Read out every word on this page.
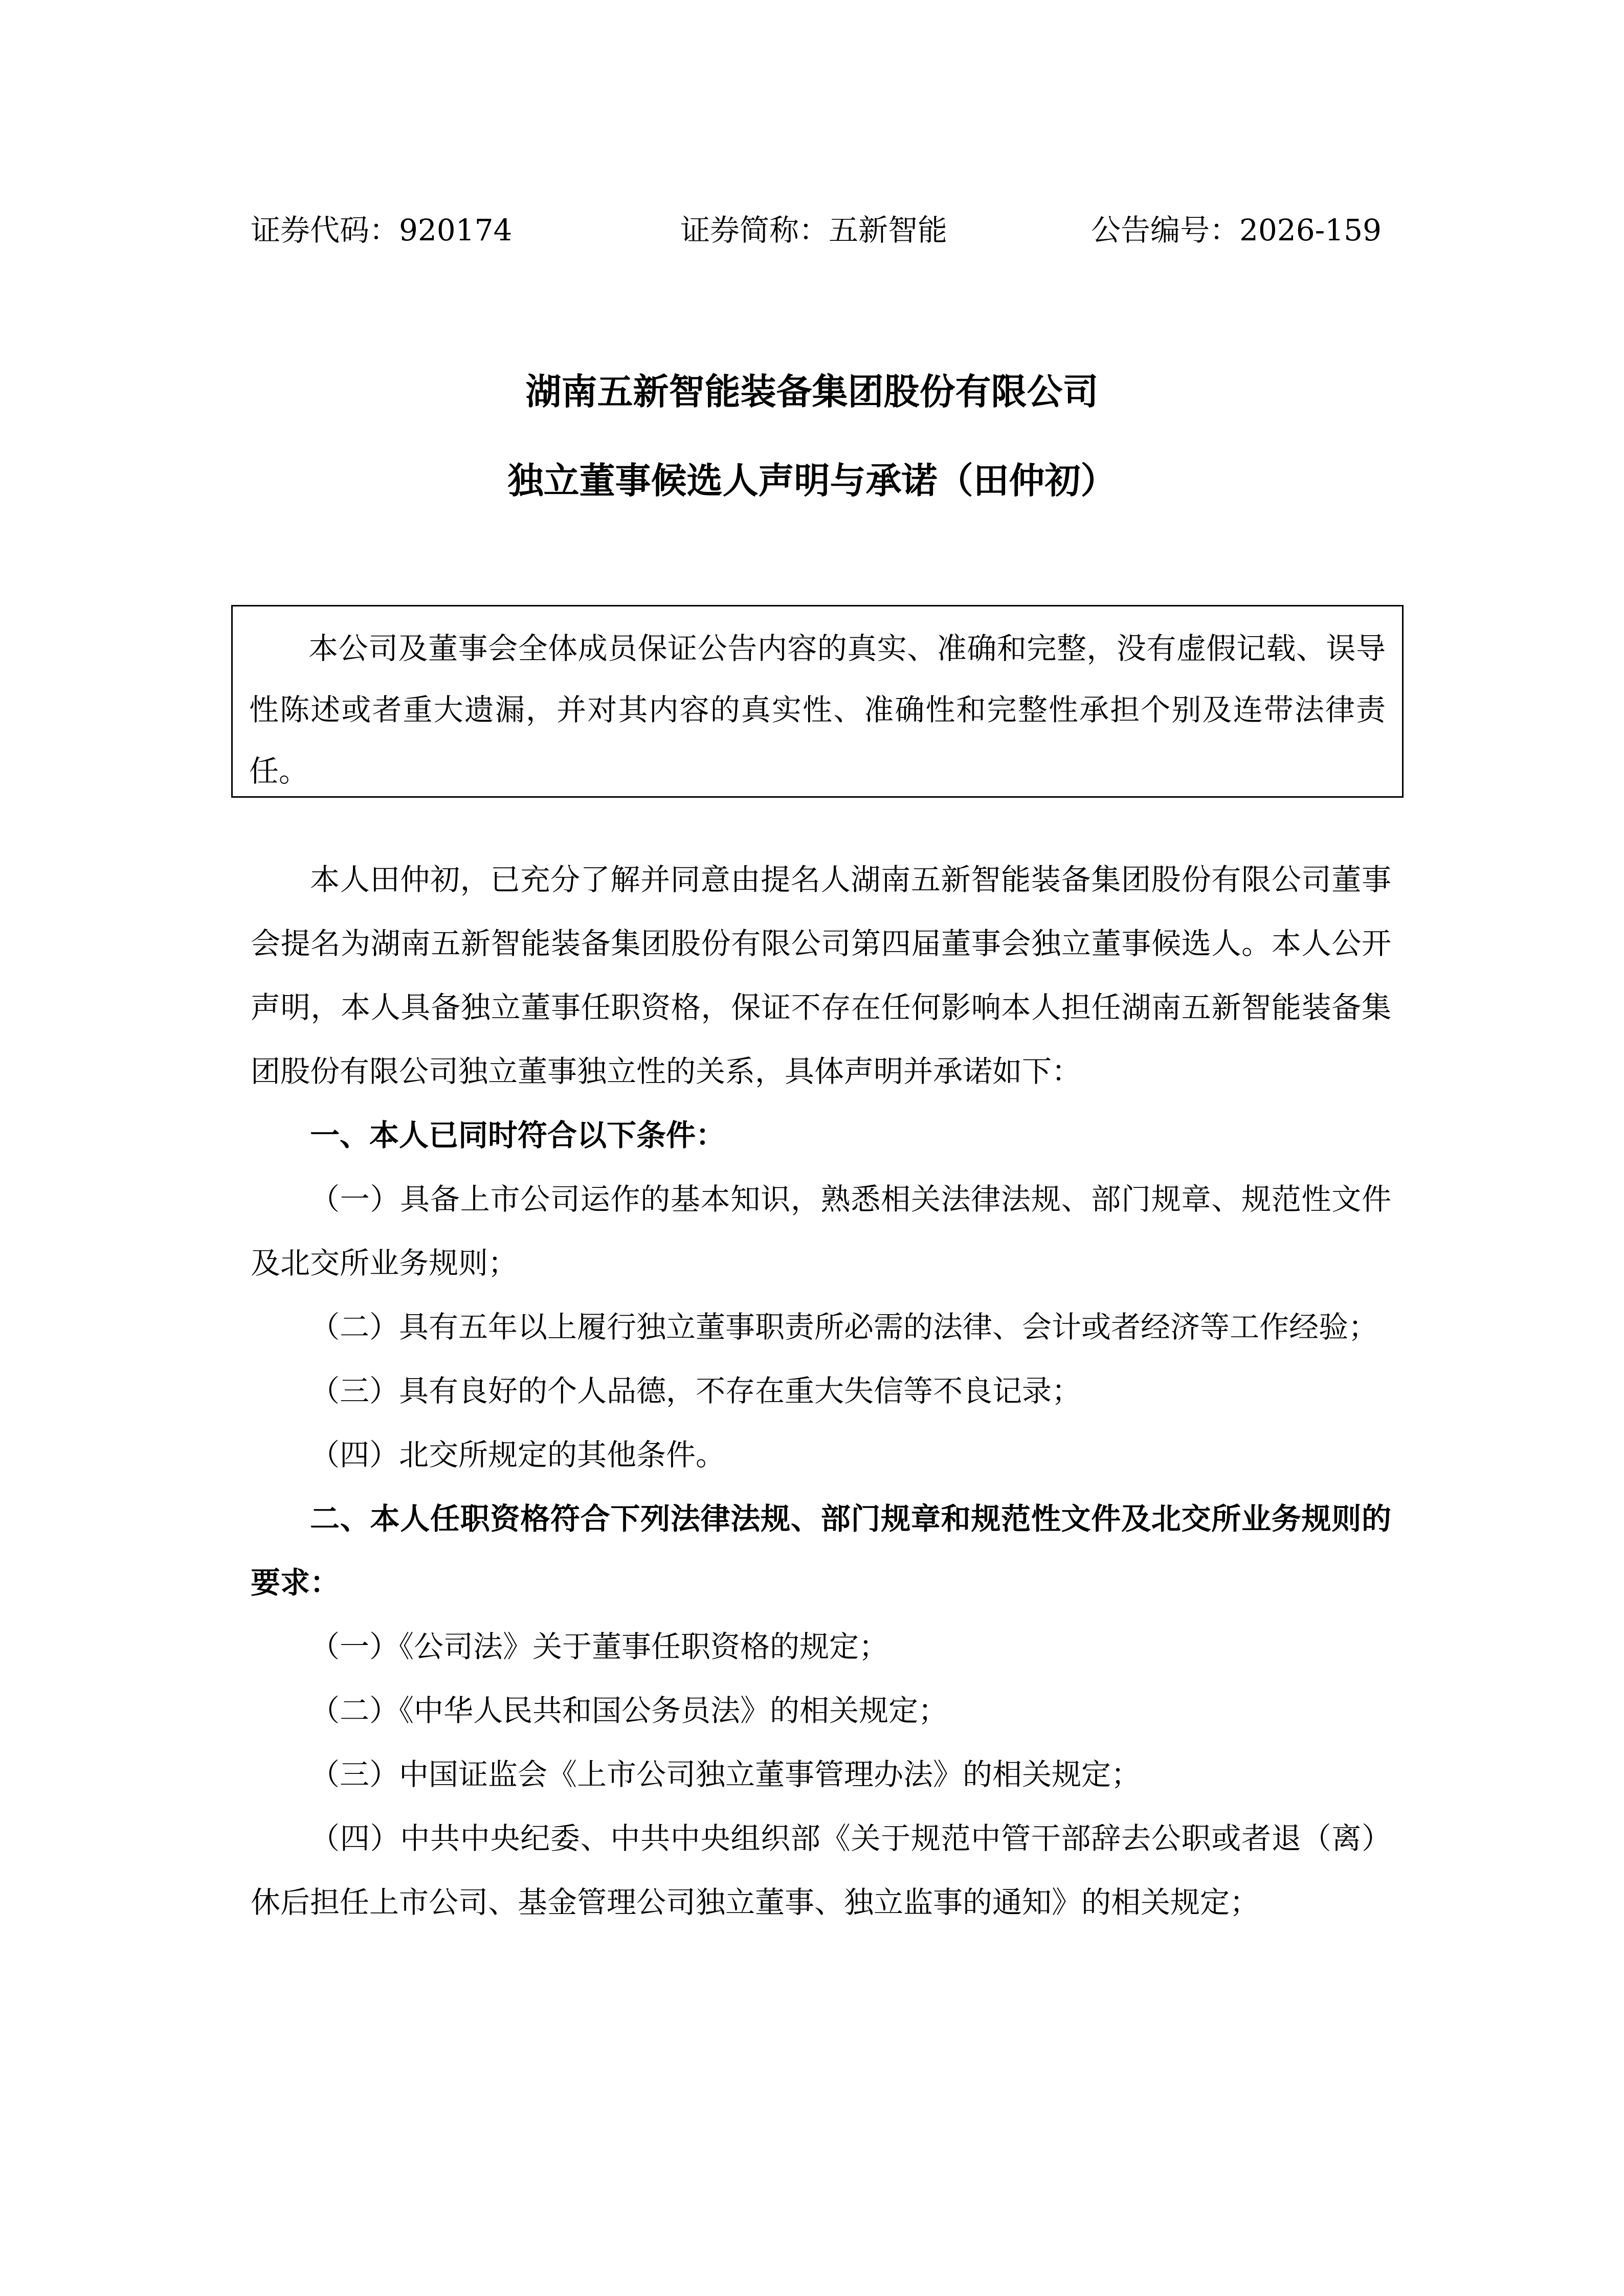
证券代码：920174	证券简称：五新智能	公告编号：2026-159
湖南五新智能装备集团股份有限公司
独立董事候选人声明与承诺（田仲初）

本公司及董事会全体成员保证公告内容的真实、准确和完整，没有虚假记载、误导性陈述或者重大遗漏，并对其内容的真实性、准确性和完整性承担个别及连带法律责任。

本人田仲初，已充分了解并同意由提名人湖南五新智能装备集团股份有限公司董事会提名为湖南五新智能装备集团股份有限公司第四届董事会独立董事候选人。本人公开声明，本人具备独立董事任职资格，保证不存在任何影响本人担任湖南五新智能装备集团股份有限公司独立董事独立性的关系，具体声明并承诺如下：

一、本人已同时符合以下条件：

（一）具备上市公司运作的基本知识，熟悉相关法律法规、部门规章、规范性文件及北交所业务规则；

（二）具有五年以上履行独立董事职责所必需的法律、会计或者经济等工作经验；

（三）具有良好的个人品德，不存在重大失信等不良记录；

（四）北交所规定的其他条件。

二、本人任职资格符合下列法律法规、部门规章和规范性文件及北交所业务规则的要求：

（一）《公司法》关于董事任职资格的规定；

（二）《中华人民共和国公务员法》的相关规定；

（三）中国证监会《上市公司独立董事管理办法》的相关规定；

（四）中共中央纪委、中共中央组织部《关于规范中管干部辞去公职或者退（离）休后担任上市公司、基金管理公司独立董事、独立监事的通知》的相关规定；
